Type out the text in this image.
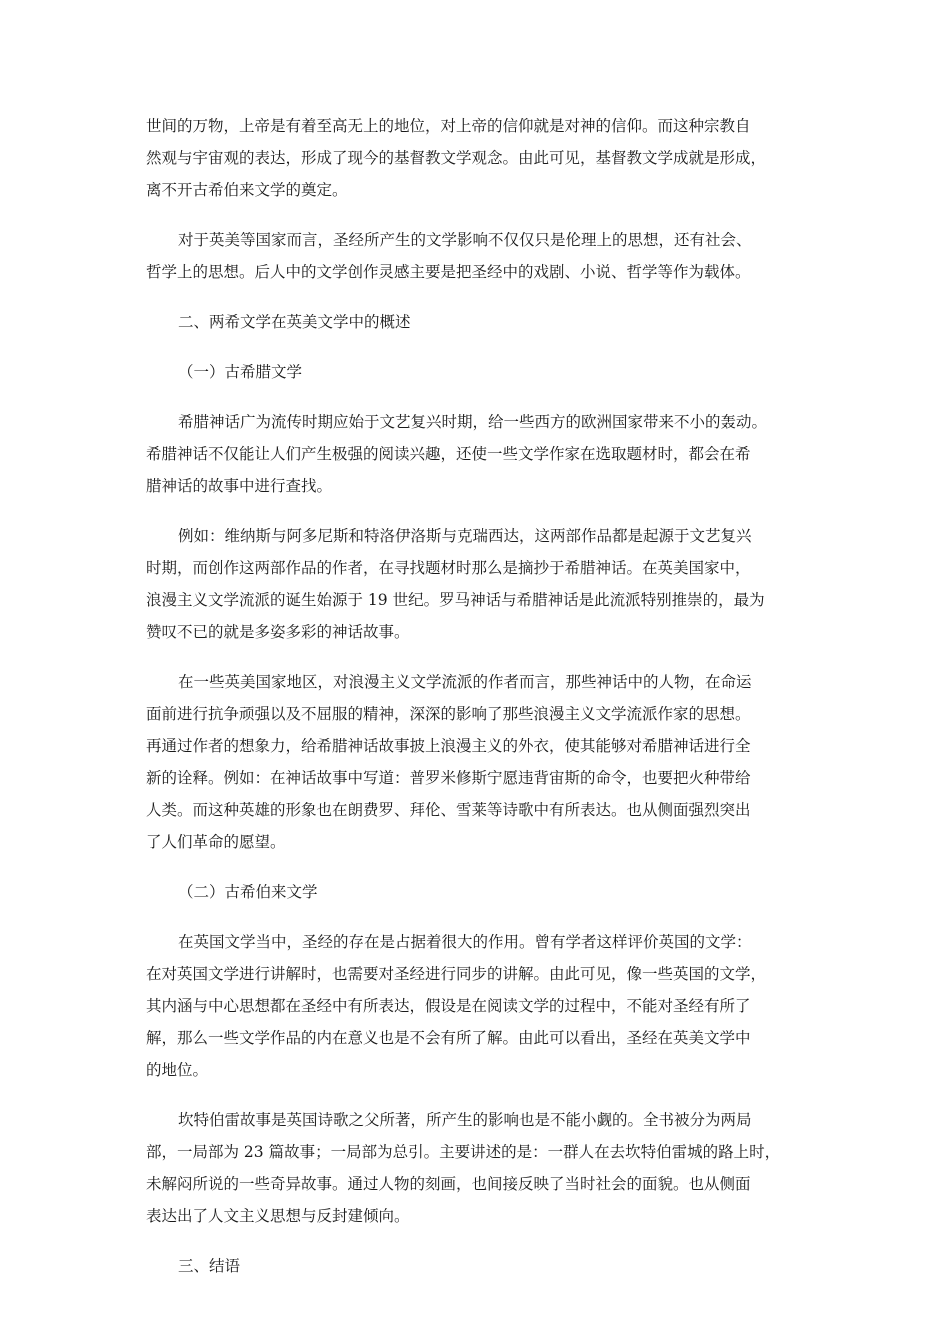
世间的万物，上帝是有着至高无上的地位，对上帝的信仰就是对神的信仰。而这种宗教自
然观与宇宙观的表达，形成了现今的基督教文学观念。由此可见，基督教文学成就是形成，
离不开古希伯来文学的奠定。

对于英美等国家而言，圣经所产生的文学影响不仅仅只是伦理上的思想，还有社会、
哲学上的思想。后人中的文学创作灵感主要是把圣经中的戏剧、小说、哲学等作为载体。

二、两希文学在英美文学中的概述

（一）古希腊文学

希腊神话广为流传时期应始于文艺复兴时期，给一些西方的欧洲国家带来不小的轰动。
希腊神话不仅能让人们产生极强的阅读兴趣，还使一些文学作家在选取题材时，都会在希
腊神话的故事中进行查找。

例如：维纳斯与阿多尼斯和特洛伊洛斯与克瑞西达，这两部作品都是起源于文艺复兴
时期，而创作这两部作品的作者，在寻找题材时那么是摘抄于希腊神话。在英美国家中，
浪漫主义文学流派的诞生始源于 19 世纪。罗马神话与希腊神话是此流派特别推崇的，最为
赞叹不已的就是多姿多彩的神话故事。

在一些英美国家地区，对浪漫主义文学流派的作者而言，那些神话中的人物，在命运
面前进行抗争顽强以及不屈服的精神，深深的影响了那些浪漫主义文学流派作家的思想。
再通过作者的想象力，给希腊神话故事披上浪漫主义的外衣，使其能够对希腊神话进行全
新的诠释。例如：在神话故事中写道：普罗米修斯宁愿违背宙斯的命令，也要把火种带给
人类。而这种英雄的形象也在朗费罗、拜伦、雪莱等诗歌中有所表达。也从侧面强烈突出
了人们革命的愿望。

（二）古希伯来文学

在英国文学当中，圣经的存在是占据着很大的作用。曾有学者这样评价英国的文学：
在对英国文学进行讲解时，也需要对圣经进行同步的讲解。由此可见，像一些英国的文学，
其内涵与中心思想都在圣经中有所表达，假设是在阅读文学的过程中，不能对圣经有所了
解，那么一些文学作品的内在意义也是不会有所了解。由此可以看出，圣经在英美文学中
的地位。

坎特伯雷故事是英国诗歌之父所著，所产生的影响也是不能小觑的。全书被分为两局
部，一局部为 23 篇故事；一局部为总引。主要讲述的是：一群人在去坎特伯雷城的路上时，
未解闷所说的一些奇异故事。通过人物的刻画，也间接反映了当时社会的面貌。也从侧面
表达出了人文主义思想与反封建倾向。

三、结语
